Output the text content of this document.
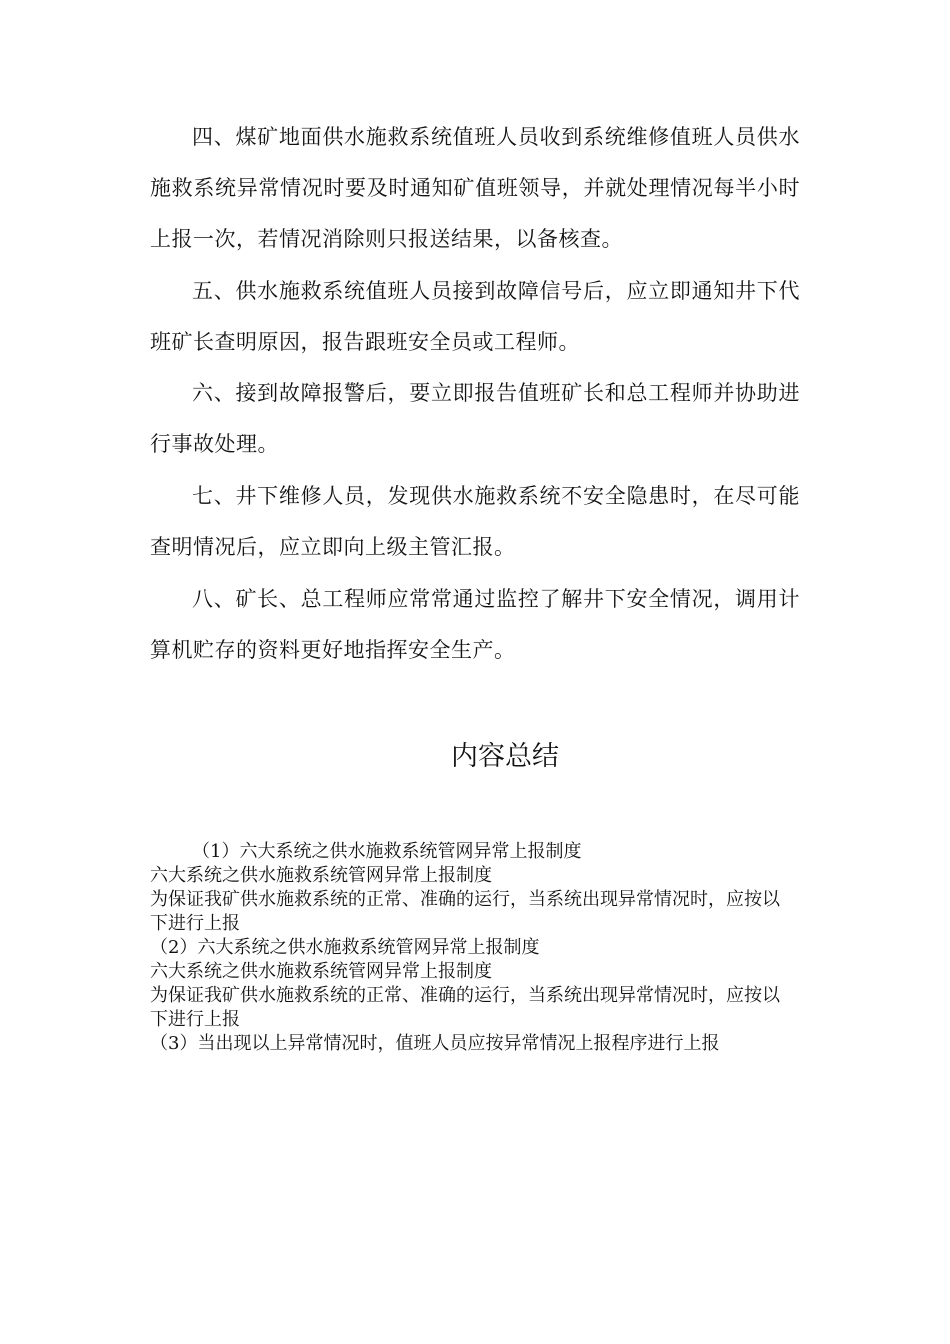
四、煤矿地面供水施救系统值班人员收到系统维修值班人员供水施救系统异常情况时要及时通知矿值班领导，并就处理情况每半小时上报一次，若情况消除则只报送结果，以备核查。

五、供水施救系统值班人员接到故障信号后，应立即通知井下代班矿长查明原因，报告跟班安全员或工程师。

六、接到故障报警后，要立即报告值班矿长和总工程师并协助进行事故处理。

七、井下维修人员，发现供水施救系统不安全隐患时，在尽可能查明情况后，应立即向上级主管汇报。

八、矿长、总工程师应常常通过监控了解井下安全情况，调用计算机贮存的资料更好地指挥安全生产。

内容总结

（1）六大系统之供水施救系统管网异常上报制度

六大系统之供水施救系统管网异常上报制度

为保证我矿供水施救系统的正常、准确的运行，当系统出现异常情况时，应按以下进行上报

（2）六大系统之供水施救系统管网异常上报制度

六大系统之供水施救系统管网异常上报制度

为保证我矿供水施救系统的正常、准确的运行，当系统出现异常情况时，应按以下进行上报

（3）当出现以上异常情况时，值班人员应按异常情况上报程序进行上报
